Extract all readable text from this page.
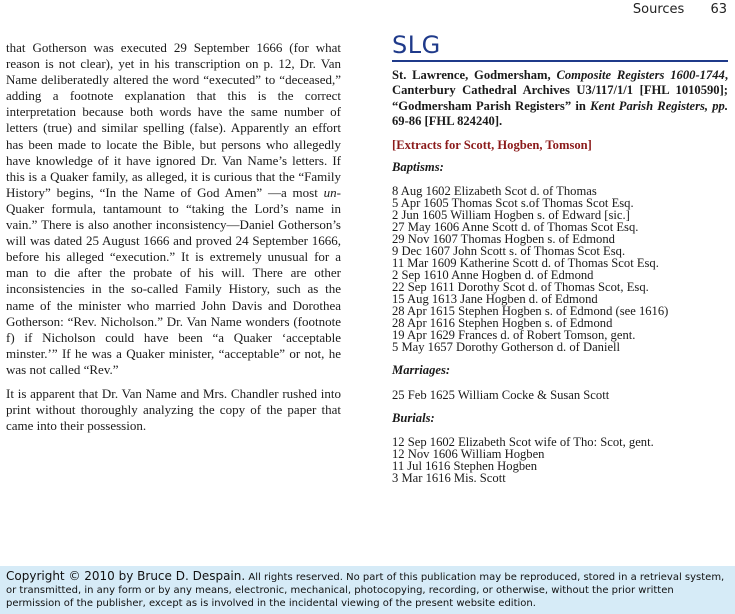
Sources 63

that Gotherson was executed 29 September 1666 (for what reason is not clear), yet in his transcription on p. 12, Dr. Van Name deliberatedly altered the word “executed” to “deceased,” adding a footnote explanation that this is the correct interpretation because both words have the same number of letters (true) and similar spelling (false). Apparently an effort has been made to locate the Bible, but persons who allegedly have knowledge of it have ignored Dr. Van Name’s letters. If this is a Quaker family, as alleged, it is curious that the “Family History” begins, “In the Name of God Amen” —a most un-Quaker formula, tantamount to “taking the Lord’s name in vain.” There is also another inconsistency—Daniel Gotherson’s will was dated 25 August 1666 and proved 24 September 1666, before his alleged “execution.” It is extremely unusual for a man to die after the probate of his will. There are other inconsistencies in the so-called Family History, such as the name of the minister who married John Davis and Dorothea Gotherson: “Rev. Nicholson.” Dr. Van Name wonders (footnote f) if Nicholson could have been “a Quaker ‘acceptable minster.’” If he was a Quaker minister, “acceptable” or not, he was not called “Rev.”

It is apparent that Dr. Van Name and Mrs. Chandler rushed into print without thoroughly analyzing the copy of the paper that came into their possession.

SLG

St. Lawrence, Godmersham, Composite Registers 1600-1744, Canterbury Cathedral Archives U3/117/1/1 [FHL 1010590]; “Godmersham Parish Registers” in Kent Parish Registers, pp. 69-86 [FHL 824240].

[Extracts for Scott, Hogben, Tomson]

Baptisms:

8 Aug 1602 Elizabeth Scot d. of Thomas
5 Apr 1605 Thomas Scot s.of Thomas Scot Esq.
2 Jun 1605 William Hogben s. of Edward [sic.]
27 May 1606 Anne Scott d. of Thomas Scot Esq.
29 Nov 1607 Thomas Hogben s. of Edmond
9 Dec 1607 John Scott s. of Thomas Scot Esq.
11 Mar 1609 Katherine Scott d. of Thomas Scot Esq.
2 Sep 1610 Anne Hogben d. of Edmond
22 Sep 1611 Dorothy Scot d. of Thomas Scot, Esq.
15 Aug 1613 Jane Hogben d. of Edmond
28 Apr 1615 Stephen Hogben s. of Edmond (see 1616)
28 Apr 1616 Stephen Hogben s. of Edmond
19 Apr 1629 Frances d. of Robert Tomson, gent.
5 May 1657 Dorothy Gotherson d. of Daniell

Marriages:

25 Feb 1625 William Cocke & Susan Scott

Burials:

12 Sep 1602 Elizabeth Scot wife of Tho: Scot, gent.
12 Nov 1606 William Hogben
11 Jul 1616 Stephen Hogben
3 Mar 1616 Mis. Scott
Copyright © 2010 by Bruce D. Despain. All rights reserved. No part of this publication may be reproduced, stored in a retrieval system, or transmitted, in any form or by any means, electronic, mechanical, photocopying, recording, or otherwise, without the prior written permission of the publisher, except as is involved in the incidental viewing of the present website edition.
